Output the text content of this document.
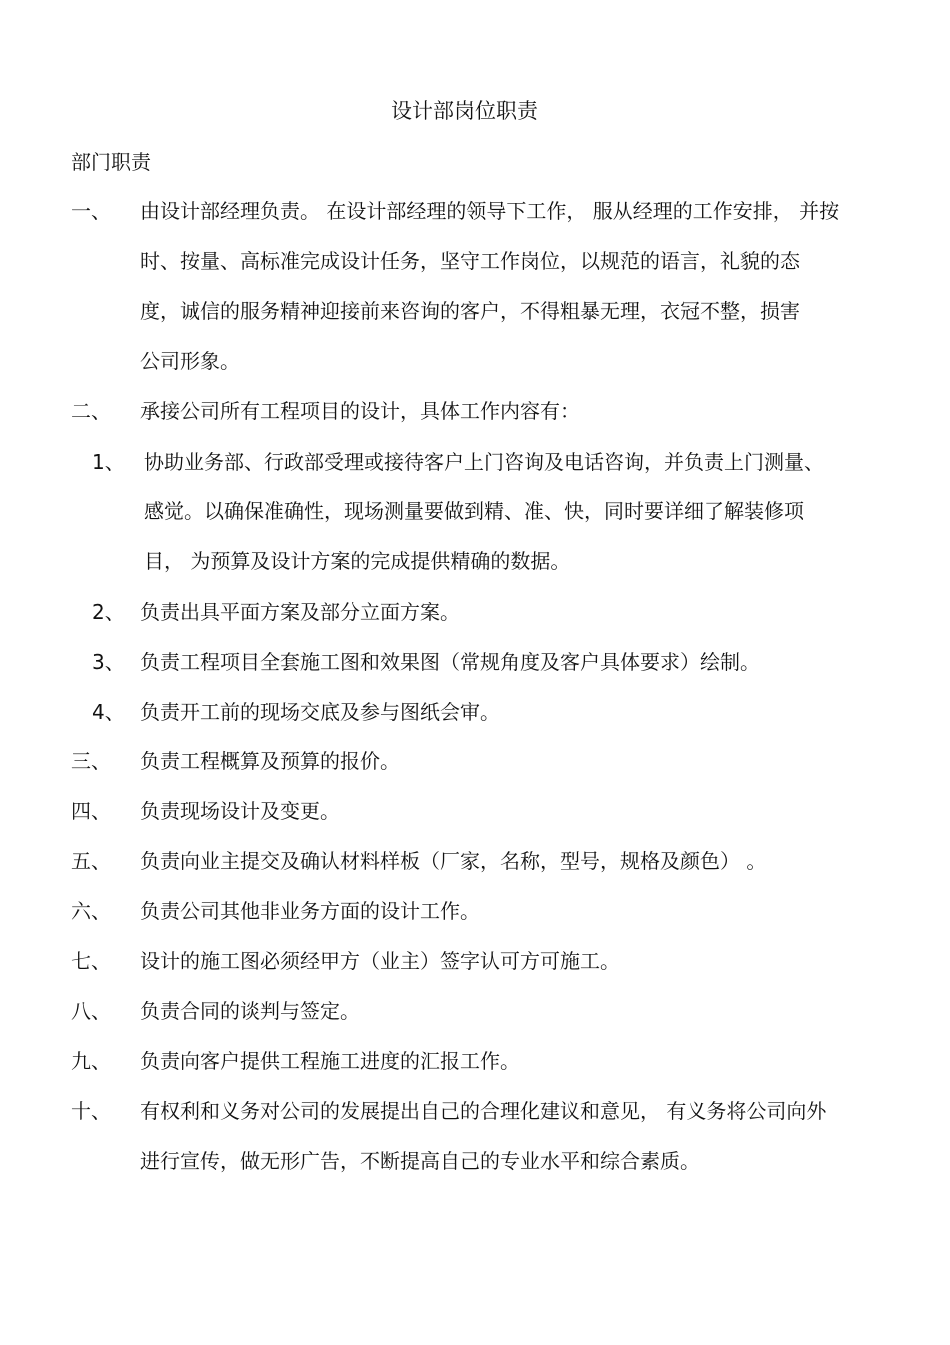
设计部岗位职责
部门职责
一、 由设计部经理负责。 在设计部经理的领导下工作， 服从经理的工作安排， 并按
时、按量、高标准完成设计任务，坚守工作岗位，以规范的语言，礼貌的态
度，诚信的服务精神迎接前来咨询的客户，不得粗暴无理，衣冠不整，损害
公司形象。
二、 承接公司所有工程项目的设计，具体工作内容有：
1、 协助业务部、行政部受理或接待客户上门咨询及电话咨询，并负责上门测量、
感觉。以确保准确性，现场测量要做到精、准、快，同时要详细了解装修项
目， 为预算及设计方案的完成提供精确的数据。
2、 负责出具平面方案及部分立面方案。
3、 负责工程项目全套施工图和效果图（常规角度及客户具体要求）绘制。
4、 负责开工前的现场交底及参与图纸会审。
三、 负责工程概算及预算的报价。
四、 负责现场设计及变更。
五、 负责向业主提交及确认材料样板（厂家，名称，型号，规格及颜色） 。
六、 负责公司其他非业务方面的设计工作。
七、 设计的施工图必须经甲方（业主）签字认可方可施工。
八、 负责合同的谈判与签定。
九、 负责向客户提供工程施工进度的汇报工作。
十、 有权利和义务对公司的发展提出自己的合理化建议和意见， 有义务将公司向外
进行宣传，做无形广告，不断提高自己的专业水平和综合素质。
